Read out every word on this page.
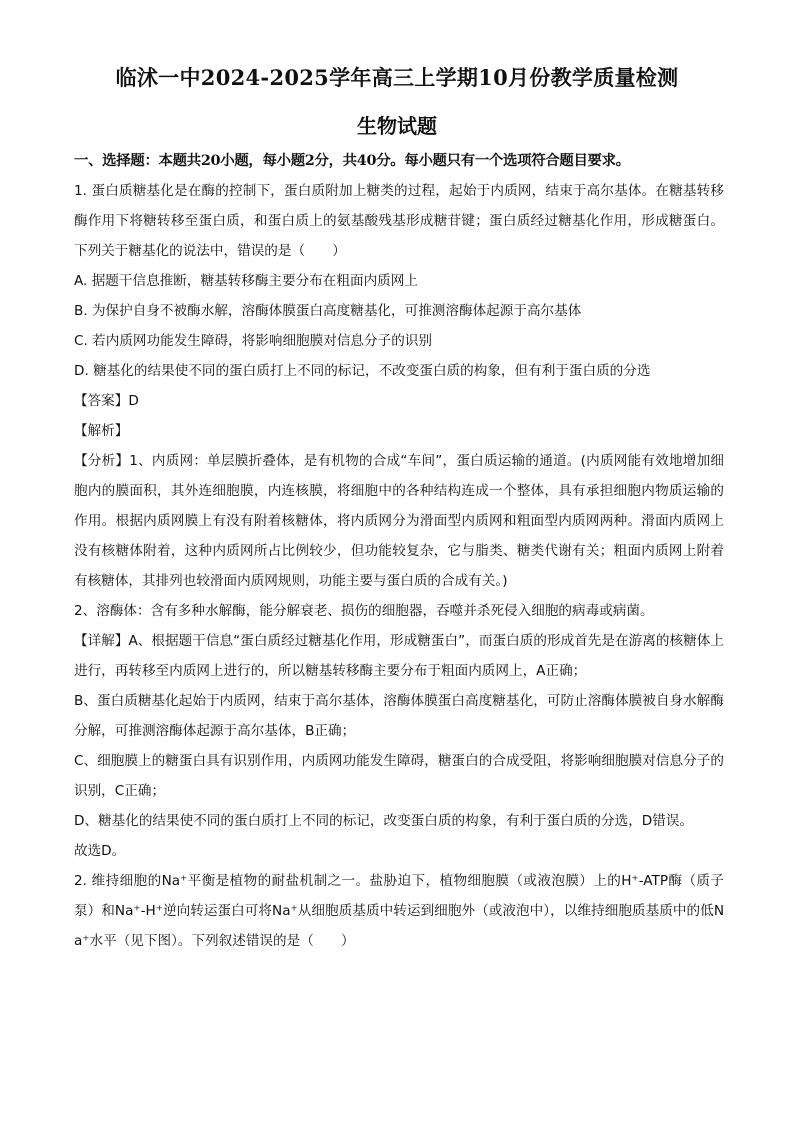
临沭一中2024-2025学年高三上学期10月份教学质量检测
生物试题
一、选择题：本题共20小题，每小题2分，共40分。每小题只有一个选项符合题目要求。

1. 蛋白质糖基化是在酶的控制下，蛋白质附加上糖类的过程，起始于内质网，结束于高尔基体。在糖基转移酶作用下将糖转移至蛋白质，和蛋白质上的氨基酸残基形成糖苷键；蛋白质经过糖基化作用，形成糖蛋白。下列关于糖基化的说法中，错误的是（　　）

A. 据题干信息推断，糖基转移酶主要分布在粗面内质网上

B. 为保护自身不被酶水解，溶酶体膜蛋白高度糖基化，可推测溶酶体起源于高尔基体

C. 若内质网功能发生障碍，将影响细胞膜对信息分子的识别

D. 糖基化的结果使不同的蛋白质打上不同的标记，不改变蛋白质的构象，但有利于蛋白质的分选

【答案】D

【解析】

【分析】1、内质网：单层膜折叠体，是有机物的合成“车间”，蛋白质运输的通道。(内质网能有效地增加细胞内的膜面积，其外连细胞膜，内连核膜，将细胞中的各种结构连成一个整体，具有承担细胞内物质运输的作用。根据内质网膜上有没有附着核糖体，将内质网分为滑面型内质网和粗面型内质网两种。滑面内质网上没有核糖体附着，这种内质网所占比例较少，但功能较复杂，它与脂类、糖类代谢有关；粗面内质网上附着有核糖体，其排列也较滑面内质网规则，功能主要与蛋白质的合成有关。)

2、溶酶体：含有多种水解酶，能分解衰老、损伤的细胞器，吞噬并杀死侵入细胞的病毒或病菌。

【详解】A、根据题干信息“蛋白质经过糖基化作用，形成糖蛋白”，而蛋白质的形成首先是在游离的核糖体上进行，再转移至内质网上进行的，所以糖基转移酶主要分布于粗面内质网上，A正确；

B、蛋白质糖基化起始于内质网，结束于高尔基体，溶酶体膜蛋白高度糖基化，可防止溶酶体膜被自身水解酶分解，可推测溶酶体起源于高尔基体，B正确；

C、细胞膜上的糖蛋白具有识别作用，内质网功能发生障碍，糖蛋白的合成受阻，将影响细胞膜对信息分子的识别，C正确；

D、糖基化的结果使不同的蛋白质打上不同的标记，改变蛋白质的构象，有利于蛋白质的分选，D错误。

故选D。

2. 维持细胞的Na⁺平衡是植物的耐盐机制之一。盐胁迫下，植物细胞膜（或液泡膜）上的H⁺-ATP酶（质子泵）和Na⁺-H⁺逆向转运蛋白可将Na⁺从细胞质基质中转运到细胞外（或液泡中），以维持细胞质基质中的低Na⁺水平（见下图）。下列叙述错误的是（　　）
